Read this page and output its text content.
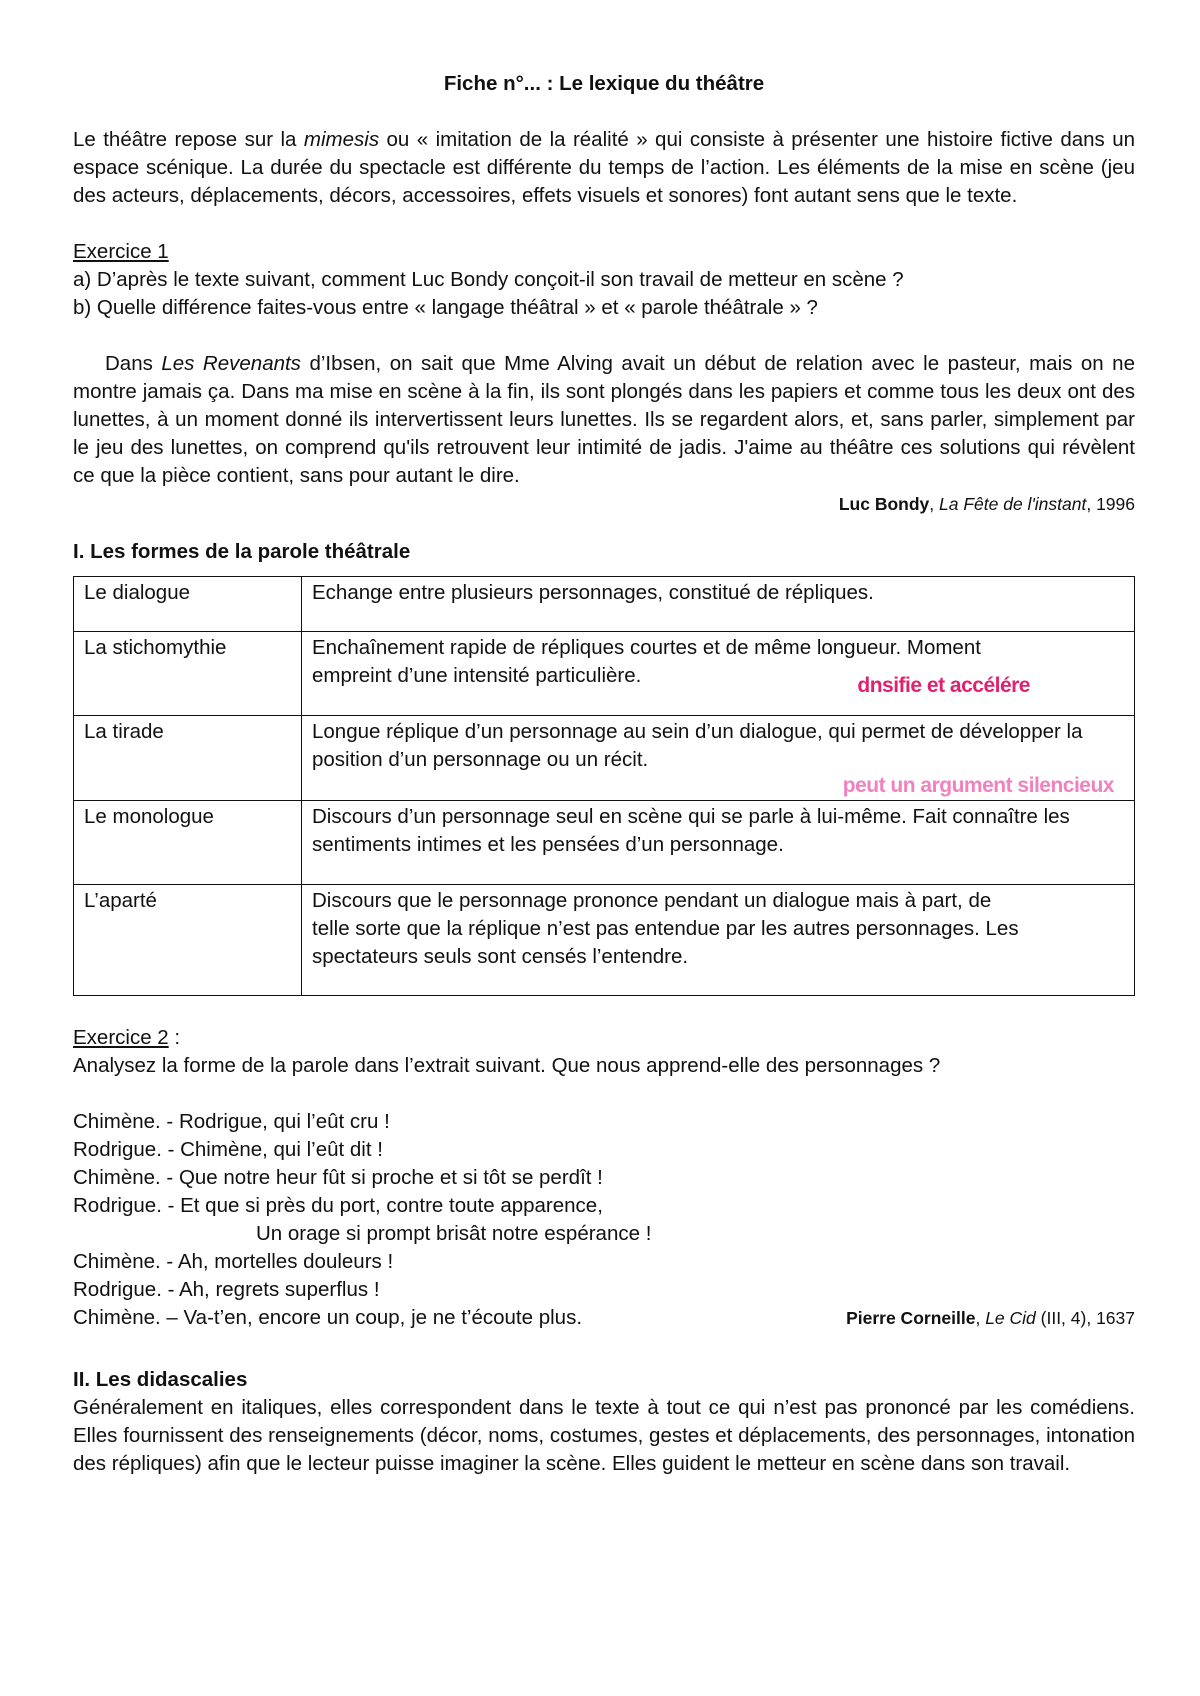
Fiche n°... : Le lexique du théâtre

Le théâtre repose sur la mimesis ou « imitation de la réalité » qui consiste à présenter une histoire fictive dans un espace scénique. La durée du spectacle est différente du temps de l’action. Les éléments de la mise en scène (jeu des acteurs, déplacements, décors, accessoires, effets visuels et sonores) font autant sens que le texte.

Exercice 1

a) D’après le texte suivant, comment Luc Bondy conçoit-il son travail de metteur en scène ?

b) Quelle différence faites-vous entre « langage théâtral » et « parole théâtrale » ?

Dans Les Revenants d’Ibsen, on sait que Mme Alving avait un début de relation avec le pasteur, mais on ne montre jamais ça. Dans ma mise en scène à la fin, ils sont plongés dans les papiers et comme tous les deux ont des lunettes, à un moment donné ils intervertissent leurs lunettes. Ils se regardent alors, et, sans parler, simplement par le jeu des lunettes, on comprend qu'ils retrouvent leur intimité de jadis. J'aime au théâtre ces solutions qui révèlent ce que la pièce contient, sans pour autant le dire.

Luc Bondy, La Fête de l'instant, 1996

I. Les formes de la parole théâtrale

Le dialogue	Echange entre plusieurs personnages, constitué de répliques.
La stichomythie	Enchaînement rapide de répliques courtes et de même longueur. Moment
empreint d’une intensité particulière. dnsifie et accélére

La tirade	Longue réplique d’un personnage au sein d’un dialogue, qui permet de développer la position d’un personnage ou un récit.
peut un argument silencieux

Le monologue	Discours d’un personnage seul en scène qui se parle à lui-même. Fait connaître les sentiments intimes et les pensées d’un personnage.
L’aparté	Discours que le personnage prononce pendant un dialogue mais à part, de
telle sorte que la réplique n’est pas entendue par les autres personnages. Les spectateurs seuls sont censés l’entendre.

Exercice 2 :

Analysez la forme de la parole dans l’extrait suivant. Que nous apprend-elle des personnages ?

Chimène. - Rodrigue, qui l’eût cru !

Rodrigue. - Chimène, qui l’eût dit !

Chimène. - Que notre heur fût si proche et si tôt se perdît !

Rodrigue. - Et que si près du port, contre toute apparence,

Un orage si prompt brisât notre espérance !

Chimène. - Ah, mortelles douleurs !

Rodrigue. - Ah, regrets superflus !

Chimène. – Va-t’en, encore un coup, je ne t’écoute plus.	Pierre Corneille, Le Cid (III, 4), 1637

II. Les didascalies

Généralement en italiques, elles correspondent dans le texte à tout ce qui n’est pas prononcé par les comédiens. Elles fournissent des renseignements (décor, noms, costumes, gestes et déplacements, des personnages, intonation des répliques) afin que le lecteur puisse imaginer la scène. Elles guident le metteur en scène dans son travail.
